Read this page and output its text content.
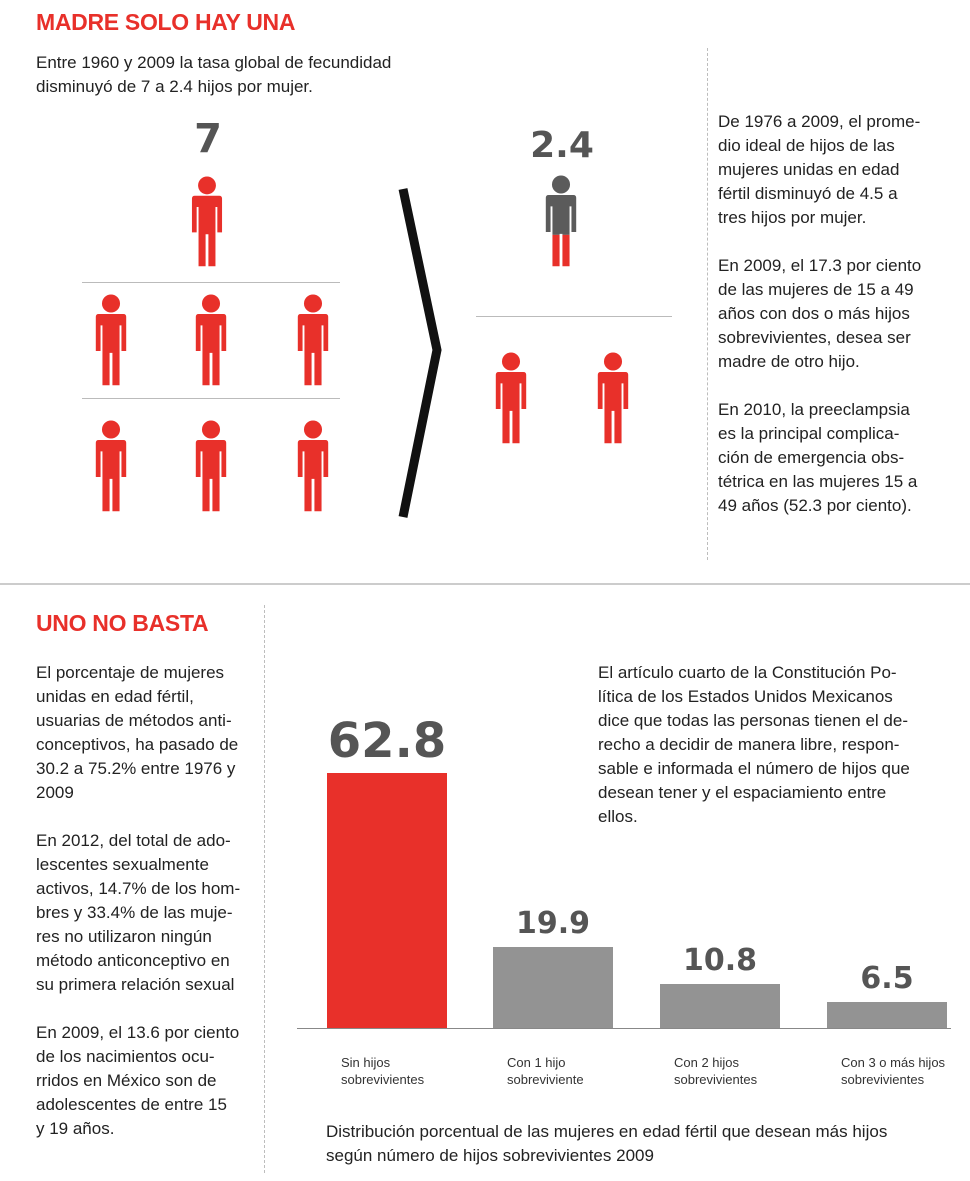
MADRE SOLO HAY UNA
Entre 1960 y 2009 la tasa global de fecundidad
disminuyó de 7 a 2.4 hijos por mujer.
7	2.4
De 1976 a 2009, el prome-
dio ideal de hijos de las
mujeres unidas en edad
fértil disminuyó de 4.5 a
tres hijos por mujer.
En 2009, el 17.3 por ciento
de las mujeres de 15 a 49
años con dos o más hijos
sobrevivientes, desea ser
madre de otro hijo.
En 2010, la preeclampsia
es la principal complica-
ción de emergencia obs-
tétrica en las mujeres 15 a
49 años (52.3 por ciento).
UNO NO BASTA
El porcentaje de mujeres
unidas en edad fértil,
usuarias de métodos anti-
conceptivos, ha pasado de
30.2 a 75.2% entre 1976 y
2009
En 2012, del total de ado-
lescentes sexualmente
activos, 14.7% de los hom-
bres y 33.4% de las muje-
res no utilizaron ningún
método anticonceptivo en
su primera relación sexual
En 2009, el 13.6 por ciento
de los nacimientos ocu-
rridos en México son de
adolescentes de entre 15
y 19 años.
El artículo cuarto de la Constitución Po-
lítica de los Estados Unidos Mexicanos
dice que todas las personas tienen el de-
recho a decidir de manera libre, respon-
sable e informada el número de hijos que
desean tener y el espaciamiento entre
ellos.
62.8
Sin hijos
sobrevivientes
19.9
Con 1 hijo
sobreviviente
10.8
Con 2 hijos
sobrevivientes
6.5
Con 3 o más hijos
sobrevivientes
Distribución porcentual de las mujeres en edad fértil que desean más hijos
según número de hijos sobrevivientes 2009
